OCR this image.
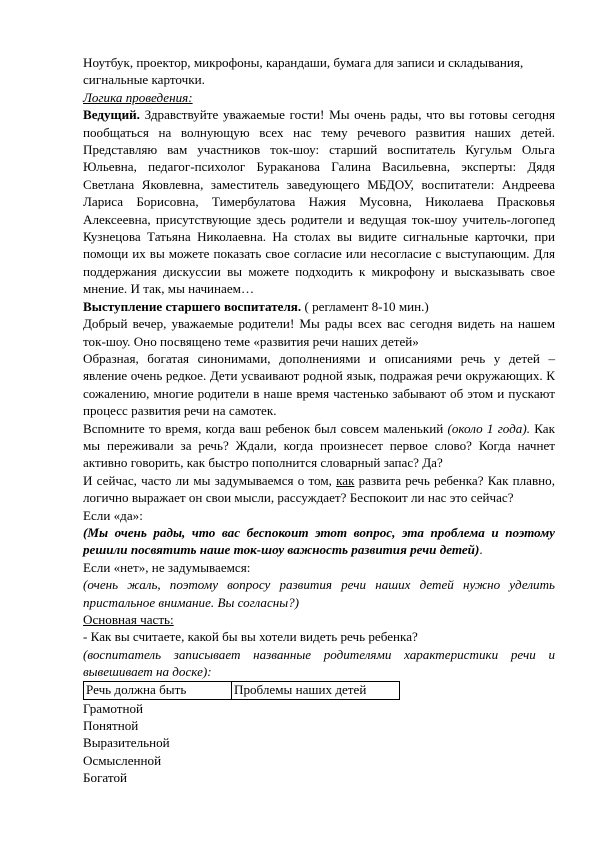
Ноутбук, проектор, микрофоны, карандаши, бумага для записи и складывания, сигнальные карточки.

Логика проведения:

Ведущий. Здравствуйте уважаемые гости! Мы очень рады, что вы готовы сегодня пообщаться на волнующую всех нас тему речевого развития наших детей. Представляю вам участников ток-шоу: старший воспитатель Кугульм Ольга Юльевна, педагог-психолог Бураканова Галина Васильевна, эксперты: Дядя Светлана Яковлевна, заместитель заведующего МБДОУ, воспитатели: Андреева Лариса Борисовна, Тимербулатова Нажия Мусовна, Николаева Прасковья Алексеевна, присутствующие здесь родители и ведущая ток-шоу учитель-логопед Кузнецова Татьяна Николаевна. На столах вы видите сигнальные карточки, при помощи их вы можете показать свое согласие или несогласие с выступающим. Для поддержания дискуссии вы можете подходить к микрофону и высказывать свое мнение. И так, мы начинаем…

Выступление старшего воспитателя. ( регламент 8-10 мин.)

Добрый вечер, уважаемые родители! Мы рады всех вас сегодня видеть на нашем ток-шоу. Оно посвящено теме «развития речи наших детей»

Образная, богатая синонимами, дополнениями и описаниями речь у детей – явление очень редкое. Дети усваивают родной язык, подражая речи окружающих. К сожалению, многие родители в наше время частенько забывают об этом и пускают процесс развития речи на самотек.

Вспомните то время, когда ваш ребенок был совсем маленький (около 1 года). Как мы переживали за речь? Ждали, когда произнесет первое слово? Когда начнет активно говорить, как быстро пополнится словарный запас? Да?

И сейчас, часто ли мы задумываемся о том, как развита речь ребенка? Как плавно, логично выражает он свои мысли, рассуждает? Беспокоит ли нас это сейчас?

Если «да»:

(Мы очень рады, что вас беспокоит этот вопрос, эта проблема и поэтому решили посвятить наше ток-шоу важность развития речи детей).

Если «нет», не задумываемся:

(очень жаль, поэтому вопросу развития речи наших детей нужно уделить пристальное внимание. Вы согласны?)

Основная часть:

- Как вы считаете, какой бы вы хотели видеть речь ребенка?

(воспитатель записывает названные родителями характеристики речи и вывешивает на доске):

Речь должна быть	Проблемы наших детей

Грамотной

Понятной

Выразительной

Осмысленной

Богатой
